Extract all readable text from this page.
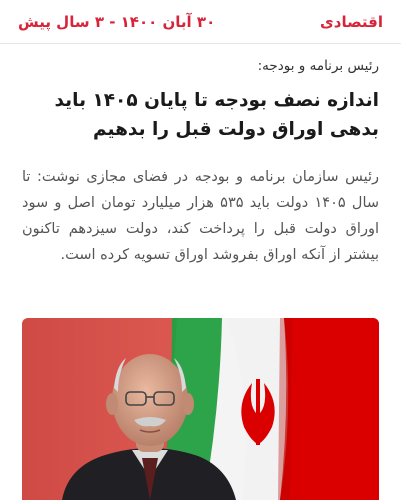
اقتصادی
۳۰ آبان ۱۴۰۰ - ۳ سال پیش

رئیس برنامه و بودجه:

اندازه نصف بودجه تا پایان ۱۴۰۵ باید بدهی اوراق دولت قبل را بدهیم

رئیس سازمان برنامه و بودجه در فضای مجازی نوشت: تا سال ۱۴۰۵ دولت باید ۵۳۵ هزار میلیارد تومان اصل و سود اوراق دولت قبل را پرداخت کند، دولت سیزدهم تاکنون بیشتر از آنکه اوراق بفروشد اوراق تسویه کرده است.
